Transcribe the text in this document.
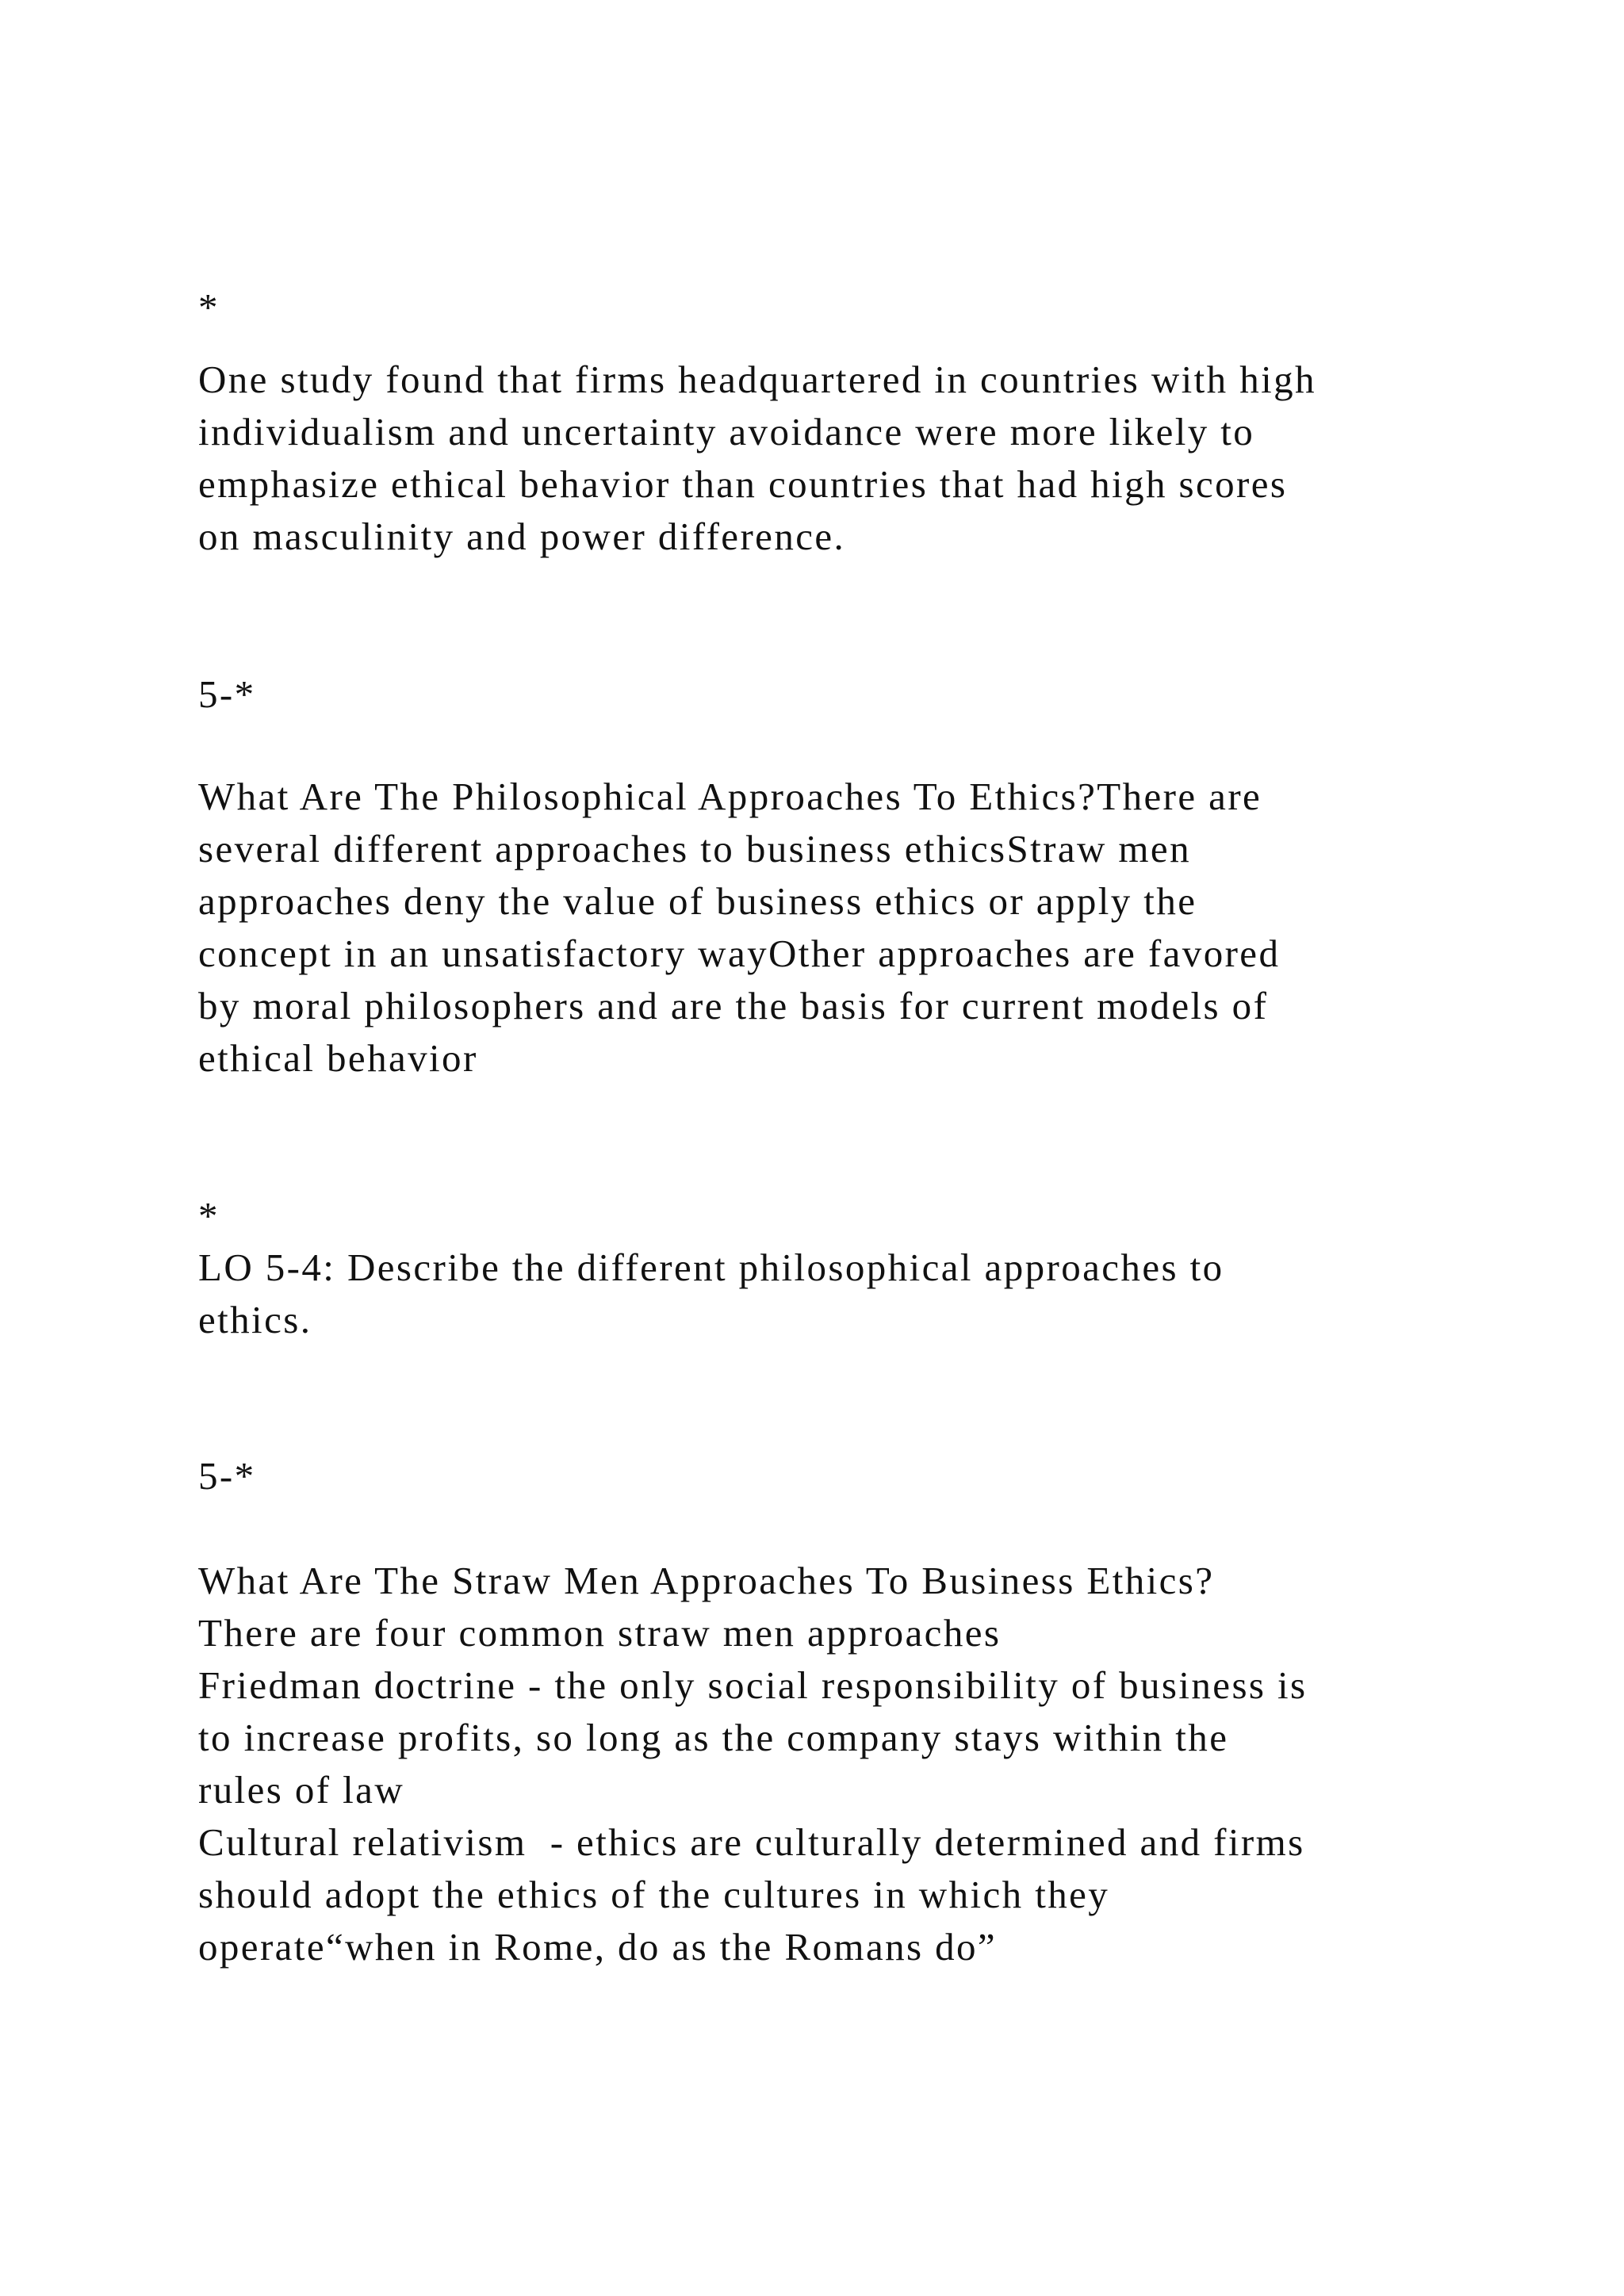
*

One study found that firms headquartered in countries with high

individualism and uncertainty avoidance were more likely to

emphasize ethical behavior than countries that had high scores

on masculinity and power difference.

5-*

What Are The Philosophical Approaches To Ethics?There are

several different approaches to business ethicsStraw men

approaches deny the value of business ethics or apply the

concept in an unsatisfactory wayOther approaches are favored

by moral philosophers and are the basis for current models of

ethical behavior

*

LO 5-4: Describe the different philosophical approaches to

ethics.

5-*

What Are The Straw Men Approaches To Business Ethics?

There are four common straw men approaches

Friedman doctrine - the only social responsibility of business is

to increase profits, so long as the company stays within the

rules of law

Cultural relativism  - ethics are culturally determined and firms

should adopt the ethics of the cultures in which they

operate“when in Rome, do as the Romans do”
